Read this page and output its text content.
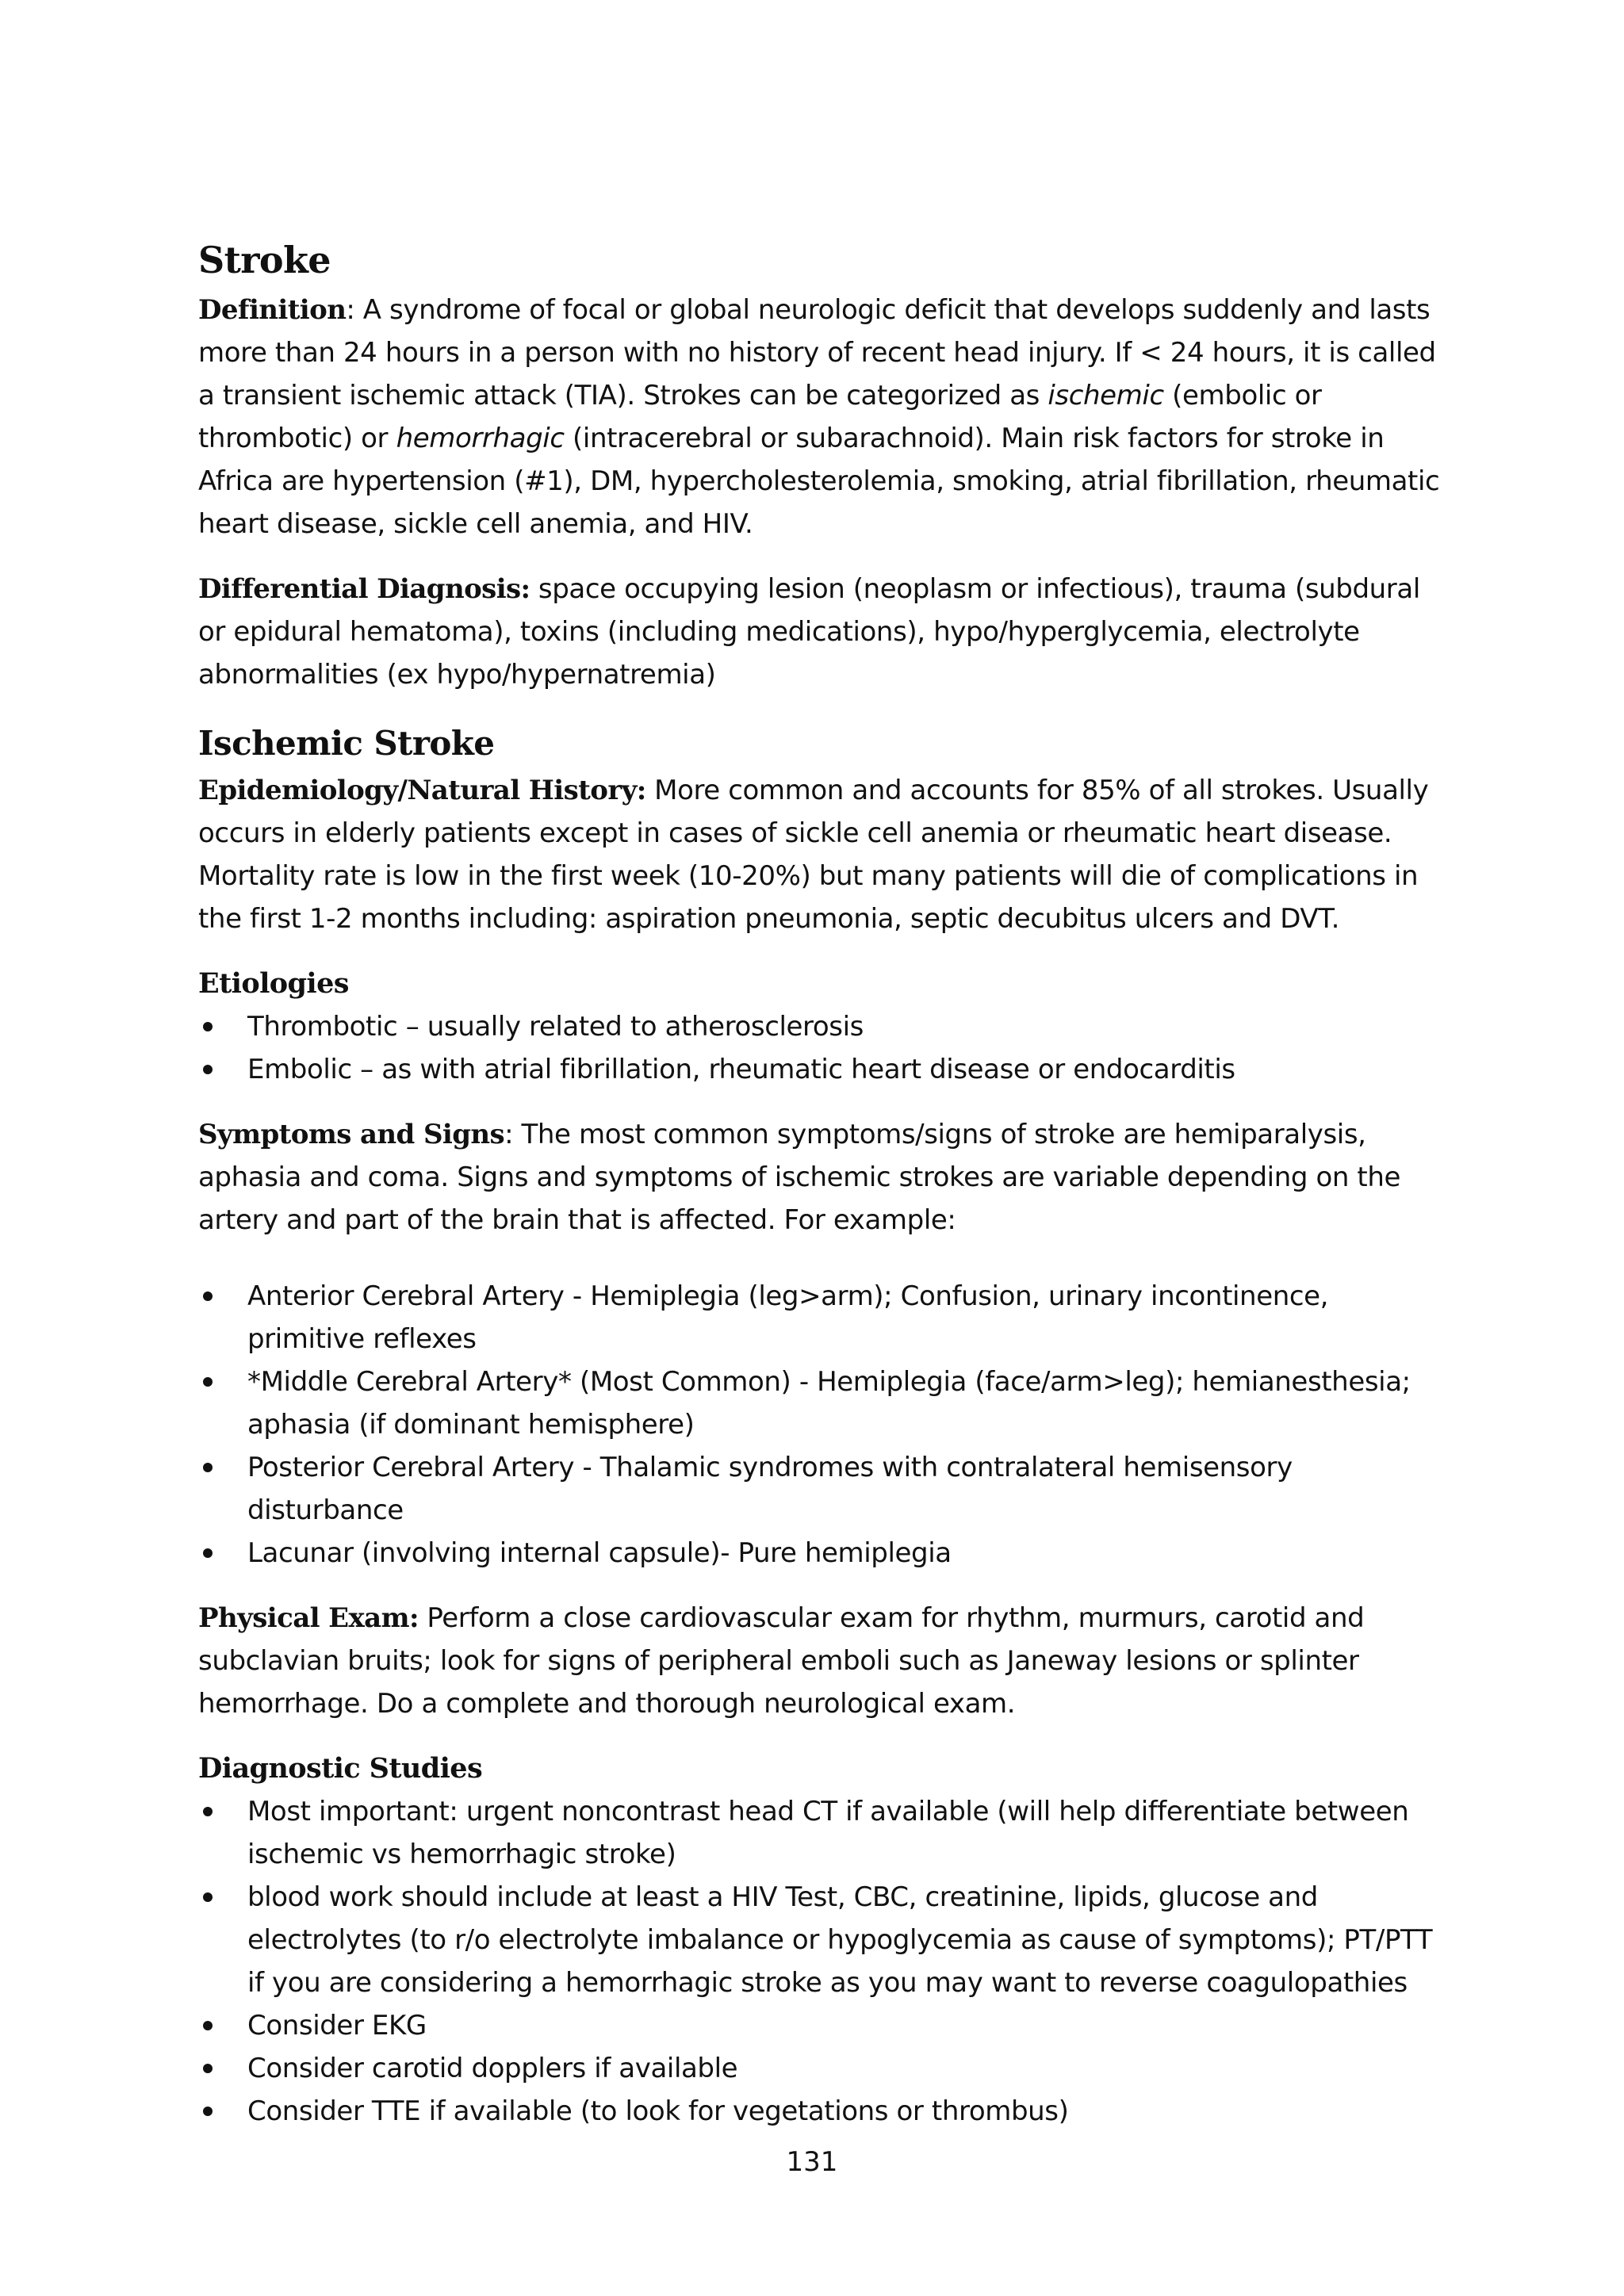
Stroke

Definition: A syndrome of focal or global neurologic deficit that develops suddenly and lasts more than 24 hours in a person with no history of recent head injury. If < 24 hours, it is called a transient ischemic attack (TIA). Strokes can be categorized as ischemic (embolic or thrombotic) or hemorrhagic (intracerebral or subarachnoid). Main risk factors for stroke in Africa are hypertension (#1), DM, hypercholesterolemia, smoking, atrial fibrillation, rheumatic heart disease, sickle cell anemia, and HIV.

Differential Diagnosis: space occupying lesion (neoplasm or infectious), trauma (subdural or epidural hematoma), toxins (including medications), hypo/hyperglycemia, electrolyte abnormalities (ex hypo/hypernatremia)

Ischemic Stroke

Epidemiology/Natural History: More common and accounts for 85% of all strokes. Usually occurs in elderly patients except in cases of sickle cell anemia or rheumatic heart disease. Mortality rate is low in the first week (10-20%) but many patients will die of complications in the first 1-2 months including: aspiration pneumonia, septic decubitus ulcers and DVT.

Etiologies
Thrombotic – usually related to atherosclerosis
Embolic – as with atrial fibrillation, rheumatic heart disease or endocarditis

Symptoms and Signs: The most common symptoms/signs of stroke are hemiparalysis, aphasia and coma. Signs and symptoms of ischemic strokes are variable depending on the artery and part of the brain that is affected. For example:

Anterior Cerebral Artery - Hemiplegia (leg>arm); Confusion, urinary incontinence, primitive reflexes
*Middle Cerebral Artery* (Most Common) - Hemiplegia (face/arm>leg); hemianesthesia; aphasia (if dominant hemisphere)
Posterior Cerebral Artery - Thalamic syndromes with contralateral hemisensory disturbance
Lacunar (involving internal capsule)- Pure hemiplegia

Physical Exam: Perform a close cardiovascular exam for rhythm, murmurs, carotid and subclavian bruits; look for signs of peripheral emboli such as Janeway lesions or splinter hemorrhage. Do a complete and thorough neurological exam.

Diagnostic Studies
Most important: urgent noncontrast head CT if available (will help differentiate between ischemic vs hemorrhagic stroke)
blood work should include at least a HIV Test, CBC, creatinine, lipids, glucose and electrolytes (to r/o electrolyte imbalance or hypoglycemia as cause of symptoms); PT/PTT if you are considering a hemorrhagic stroke as you may want to reverse coagulopathies
Consider EKG
Consider carotid dopplers if available
Consider TTE if available (to look for vegetations or thrombus)
131
